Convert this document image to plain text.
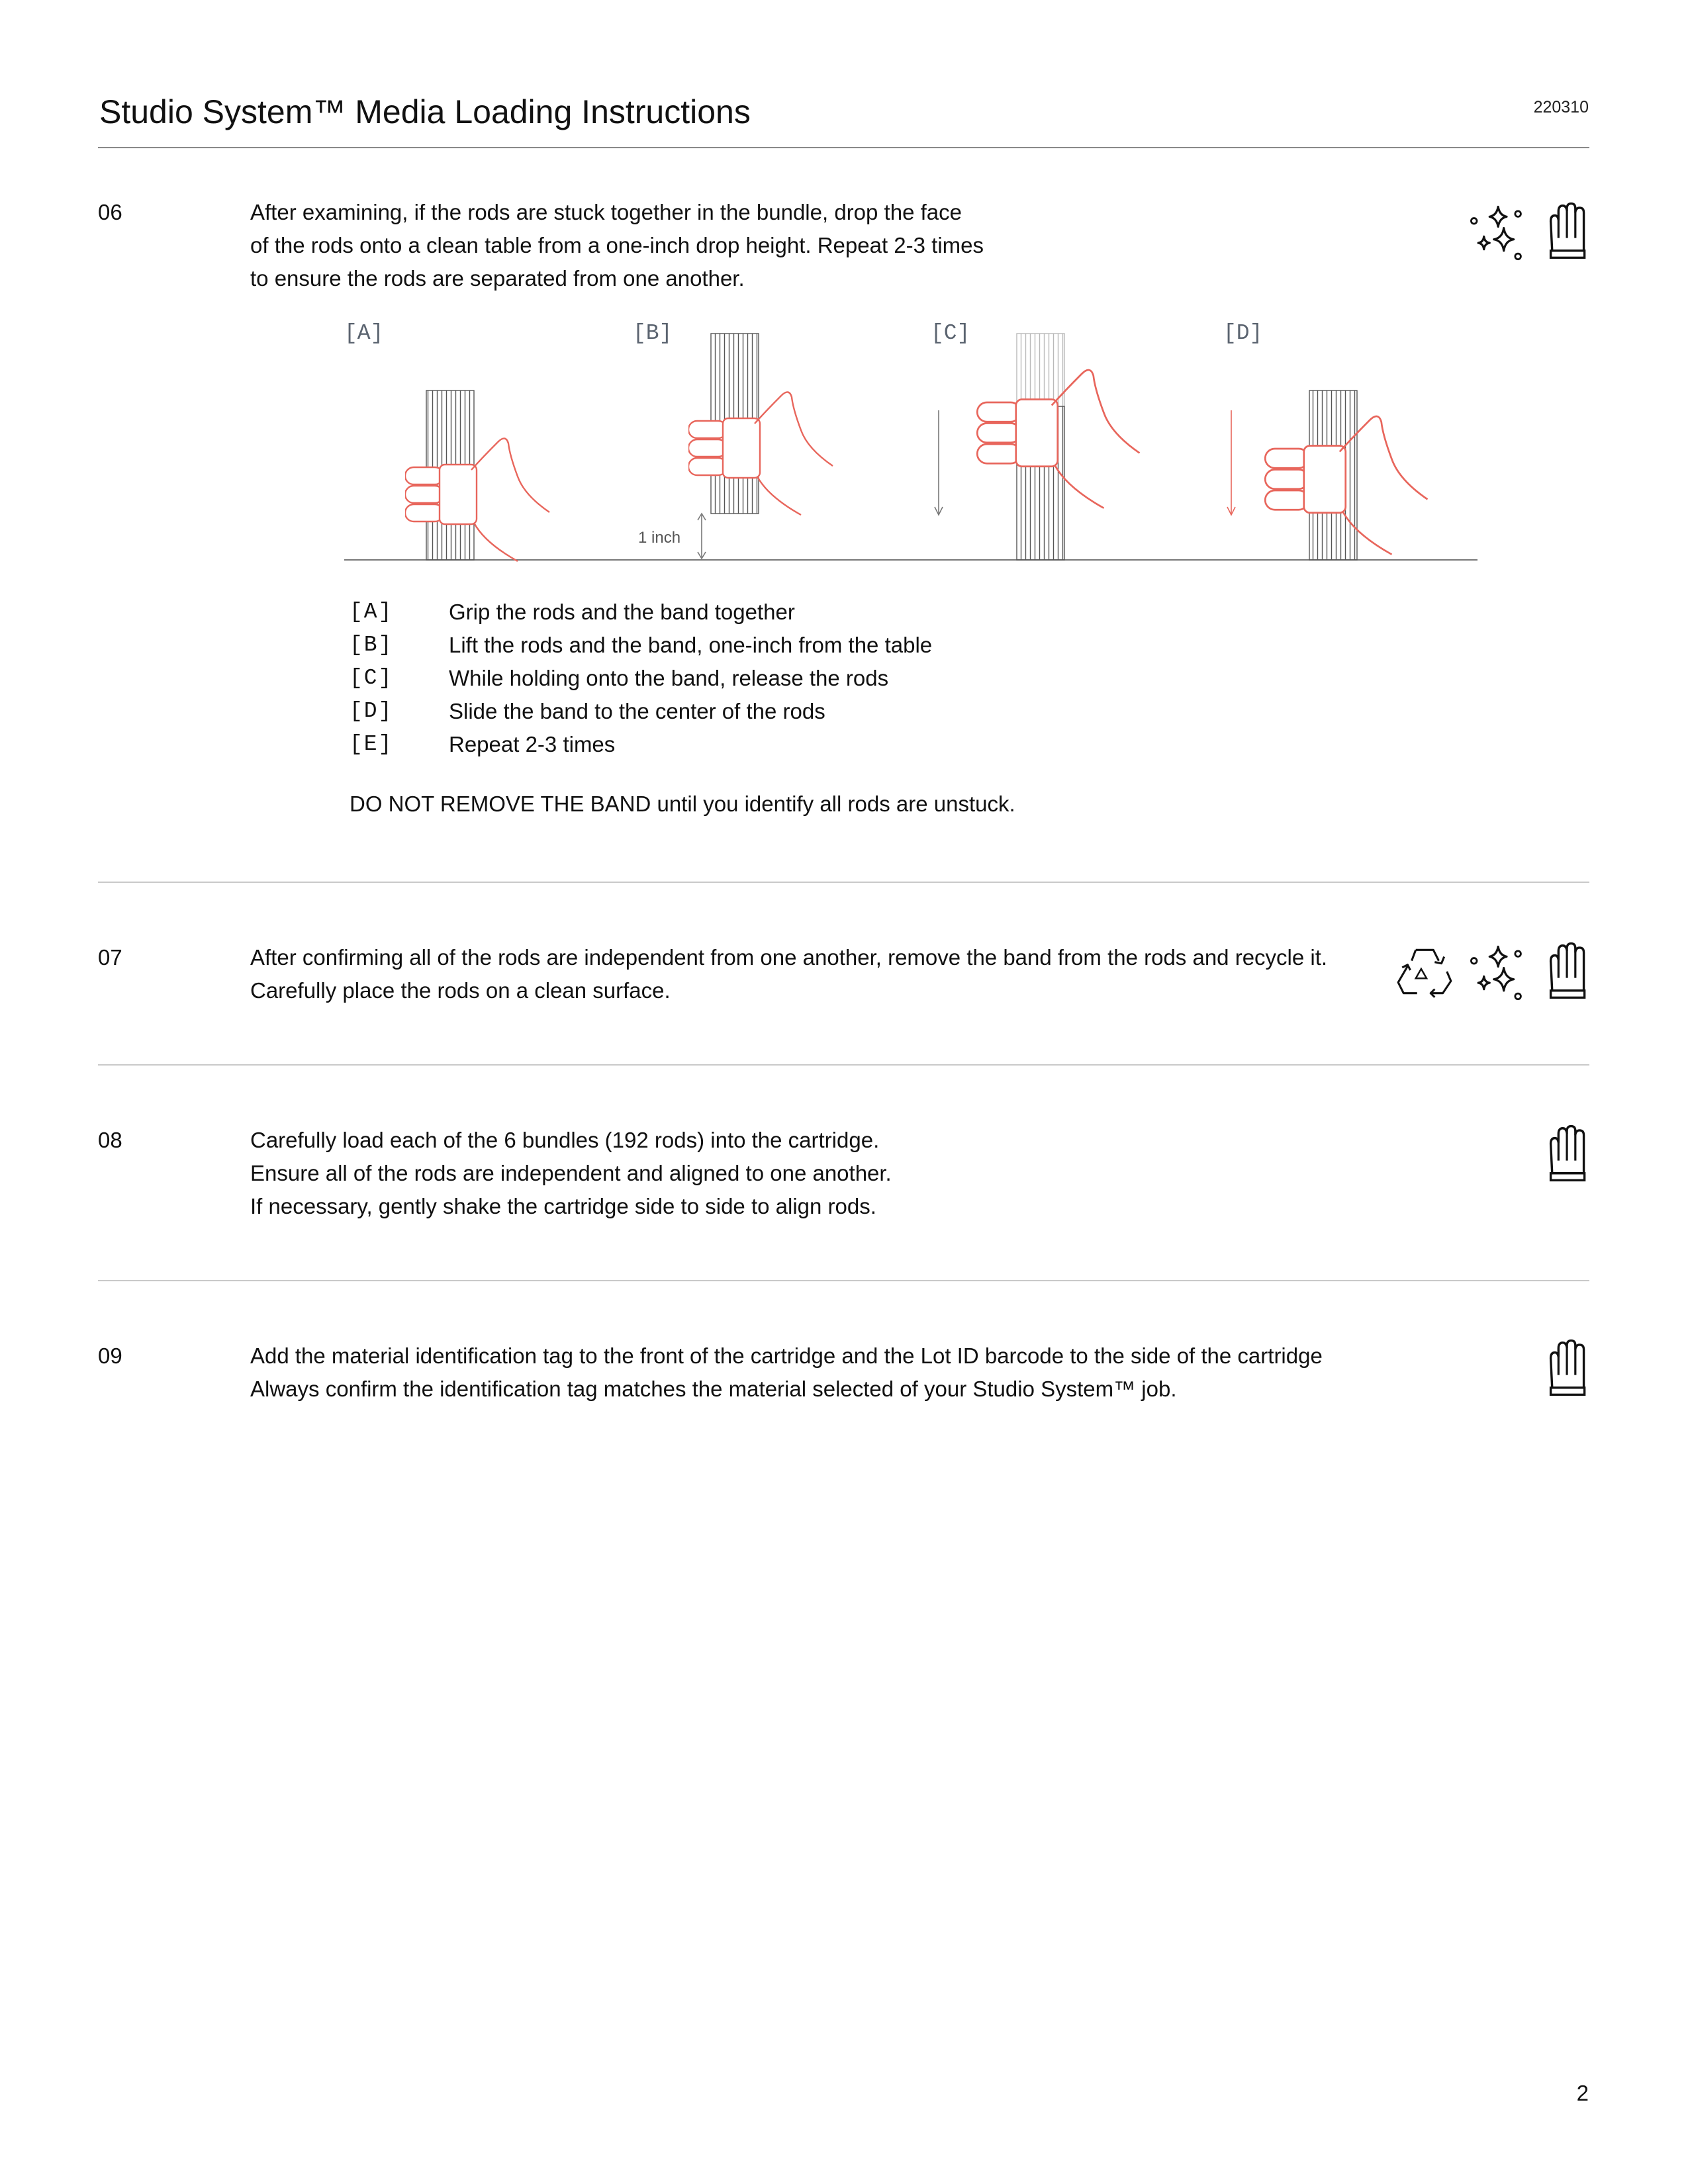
Studio System™ Media Loading Instructions	220310
06	After examining, if the rods are stuck together in the bundle, drop the face
of the rods onto a clean table from a one-inch drop height. Repeat 2-3 times
to ensure the rods are separated from one another.
[A]	[B]	[C]	[D]
1 inch
[A]	Grip the rods and the band together
[B]	Lift the rods and the band, one-inch from the table
[C]	While holding onto the band, release the rods
[D]	Slide the band to the center of the rods
[E]	Repeat 2-3 times
DO NOT REMOVE THE BAND until you identify all rods are unstuck.
07	After confirming all of the rods are independent from one another, remove the band from the rods and recycle it.
Carefully place the rods on a clean surface.
08	Carefully load each of the 6 bundles (192 rods) into the cartridge.
Ensure all of the rods are independent and aligned to one another.
If necessary, gently shake the cartridge side to side to align rods.
09	Add the material identification tag to the front of the cartridge and the Lot ID barcode to the side of the cartridge
Always confirm the identification tag matches the material selected of your Studio System™ job.
2
